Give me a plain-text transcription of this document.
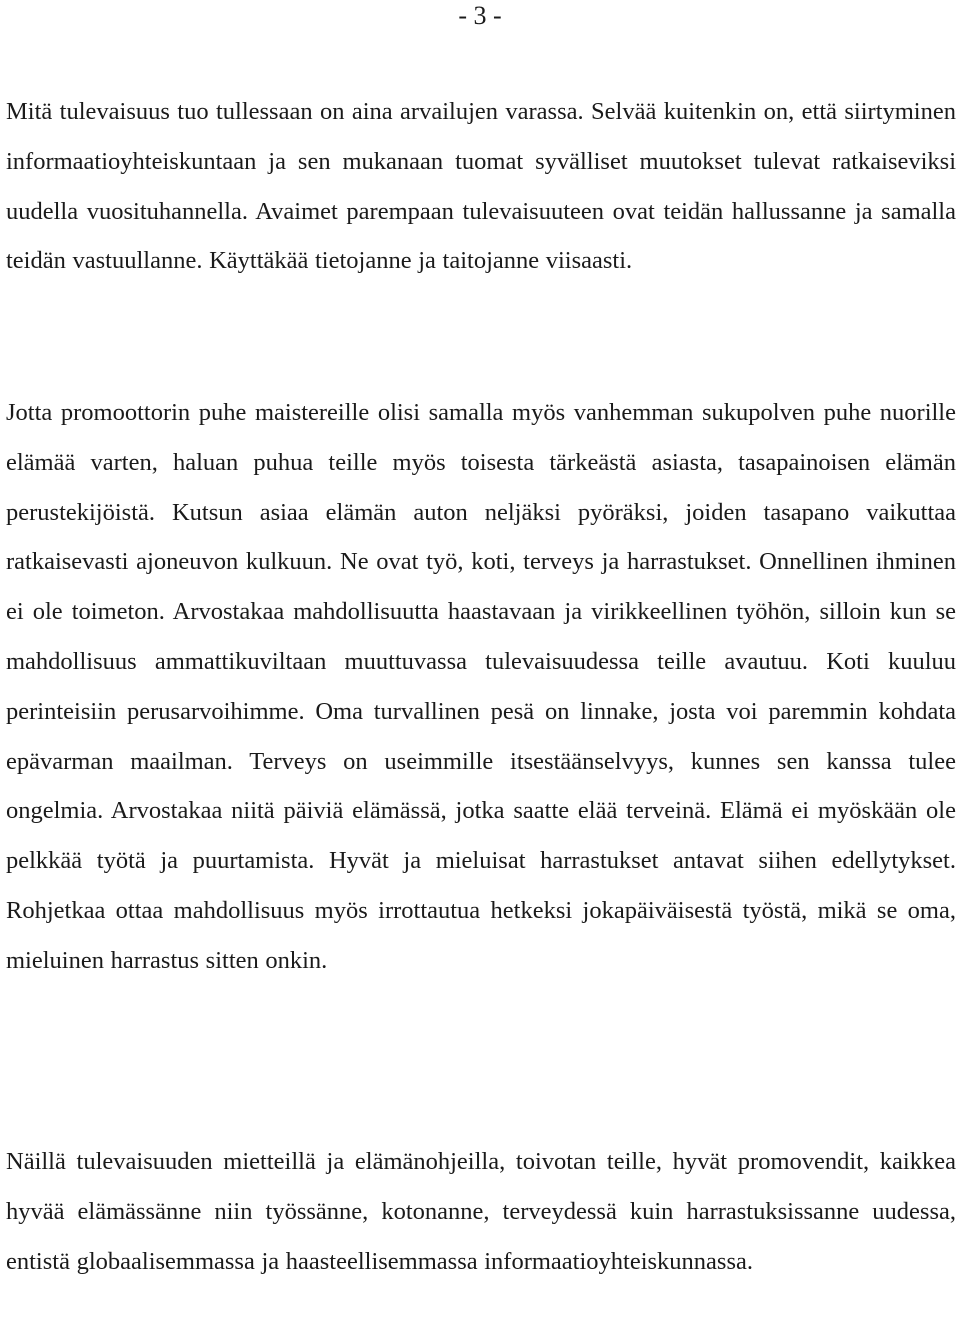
- 3 -

Mitä tulevaisuus tuo tullessaan on aina arvailujen varassa. Selvää kuitenkin on, että siirtyminen informaatioyhteiskuntaan ja sen mukanaan tuomat syvälliset muutokset tulevat ratkaiseviksi uudella vuosituhannella. Avaimet parempaan tulevaisuuteen ovat teidän hallussanne ja samalla teidän vastuullanne. Käyttäkää tietojanne ja taitojanne viisaasti.

Jotta promoottorin puhe maistereille olisi samalla myös vanhemman sukupolven puhe nuorille elämää varten, haluan puhua teille myös toisesta tärkeästä asiasta, tasapainoisen elämän perustekijöistä. Kutsun asiaa elämän auton neljäksi pyöräksi, joiden tasapano vaikuttaa ratkaisevasti ajoneuvon kulkuun. Ne ovat työ, koti, terveys ja harrastukset. Onnellinen ihminen ei ole toimeton. Arvostakaa mahdollisuutta haastavaan ja virikkeellinen työhön, silloin kun se mahdollisuus ammattikuviltaan muuttuvassa tulevaisuudessa teille avautuu. Koti kuuluu perinteisiin perusarvoihimme. Oma turvallinen pesä on linnake, josta voi paremmin kohdata epävarman maailman. Terveys on useimmille itsestäänselvyys, kunnes sen kanssa tulee ongelmia. Arvostakaa niitä päiviä elämässä, jotka saatte elää terveinä. Elämä ei myöskään ole pelkkää työtä ja puurtamista. Hyvät ja mieluisat harrastukset antavat siihen edellytykset. Rohjetkaa ottaa mahdollisuus myös irrottautua hetkeksi jokapäiväisestä työstä, mikä se oma, mieluinen harrastus sitten onkin.

Näillä tulevaisuuden mietteillä ja elämänohjeilla, toivotan teille, hyvät promovendit, kaikkea hyvää elämässänne niin työssänne, kotonanne, terveydessä kuin harrastuksissanne uudessa, entistä globaalisemmassa ja haasteellisemmassa informaatioyhteiskunnassa.
